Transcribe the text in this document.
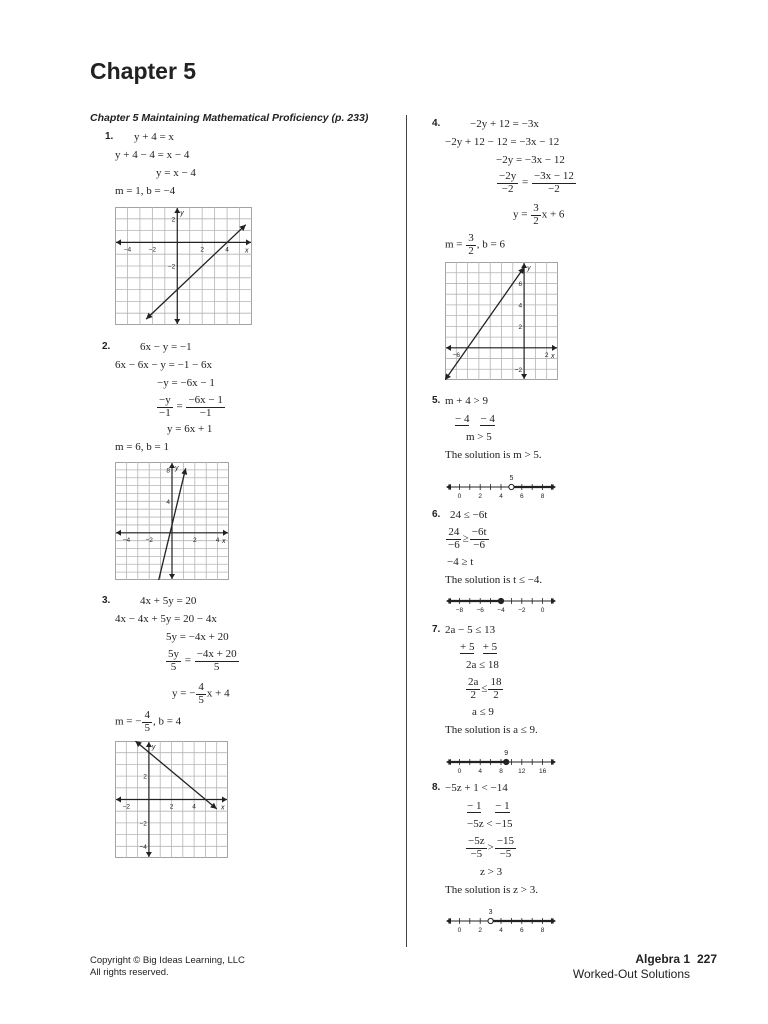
Chapter 5
Chapter 5 Maintaining Mathematical Proficiency (p. 233)
1. y + 4 = x
y + 4 − 4 = x − 4
y = x − 4
m = 1, b = −4
x
y
−4	−2	2	4
2
−2
2.	6x − y = −1
6x − 6x − y = −1 − 6x
−y = −6x − 1
$\frac{-y}{-1} = \frac{-6x - 1}{-1}$
y = 6x + 1
m = 6, b = 1
x
y
−4 −2	2	4
8
4
3.	4x + 5y = 20
4x − 4x + 5y = 20 − 4x
5y = −4x + 20
$\frac{5y}{5} = \frac{-4x + 20}{5}$
y = − $\frac{4}{5}$ x + 4
m = − $\frac{4}{5}$ , b = 4
x
y
−2	2	4
2
−2
−4
4.	−2y + 12 = −3x
−2y + 12 − 12 = −3x − 12
−2y = −3x − 12
$\frac{-2y}{-2} = \frac{-3x - 12}{-2}$
$y = \frac{3}{2}$ x + 6
$m = \frac{3}{2}$ , b = 6
x
y
−6	2
6
4
2
−2
5. m + 4 > 9
− 4 − 4
m > 5
The solution is m > 5.
0	2	4	6	8
5
6. 24 ≤ −6t
$\frac{24}{-6} \ge \frac{-6t}{-6}$
−4 ≥ t
The solution is t ≤ −4.
−8 −6 −4 −2 0
7. 2a − 5 ≤ 13
+ 5 + 5
2a ≤ 18
$\frac{2a}{2} \le \frac{18}{2}$
a ≤ 9
The solution is a ≤ 9.
0	4	8 12 16
9
8. −5z + 1 < −14
− 1 − 1
−5z < −15
$\frac{-5z}{-5} > \frac{-15}{-5}$
z > 3
The solution is z > 3.
0	2	4	6	8
3
Copyright © Big Ideas Learning, LLC
All rights reserved.
Algebra 1
Worked-Out Solutions
227
